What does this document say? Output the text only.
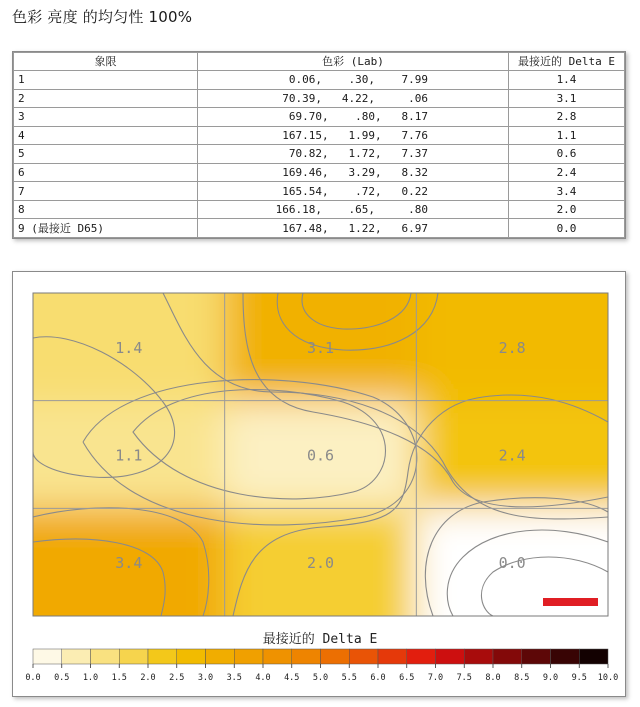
色彩 亮度 的均匀性 100%
象限	色彩 (Lab)	最接近的 Delta E
1	0.06,    .30,    7.99	1.4
2	70.39,   4.22,     .06	3.1
3	69.70,    .80,   8.17	2.8
4	167.15,   1.99,   7.76	1.1
5	70.82,   1.72,   7.37	0.6
6	169.46,   3.29,   8.32	2.4
7	165.54,    .72,   0.22	3.4
8	166.18,    .65,     .80	2.0
9 (最接近 D65)	167.48,   1.22,   6.97	0.0
1.4	3.1	2.8
1.1	0.6	2.4
3.4	2.0	0.0
最接近的 Delta E
0.0 0.5 1.0 1.5 2.0 2.5 3.0 3.5 4.0 4.5 5.0 5.5 6.0 6.5 7.0 7.5 8.0 8.5 9.0 9.5 10.0
